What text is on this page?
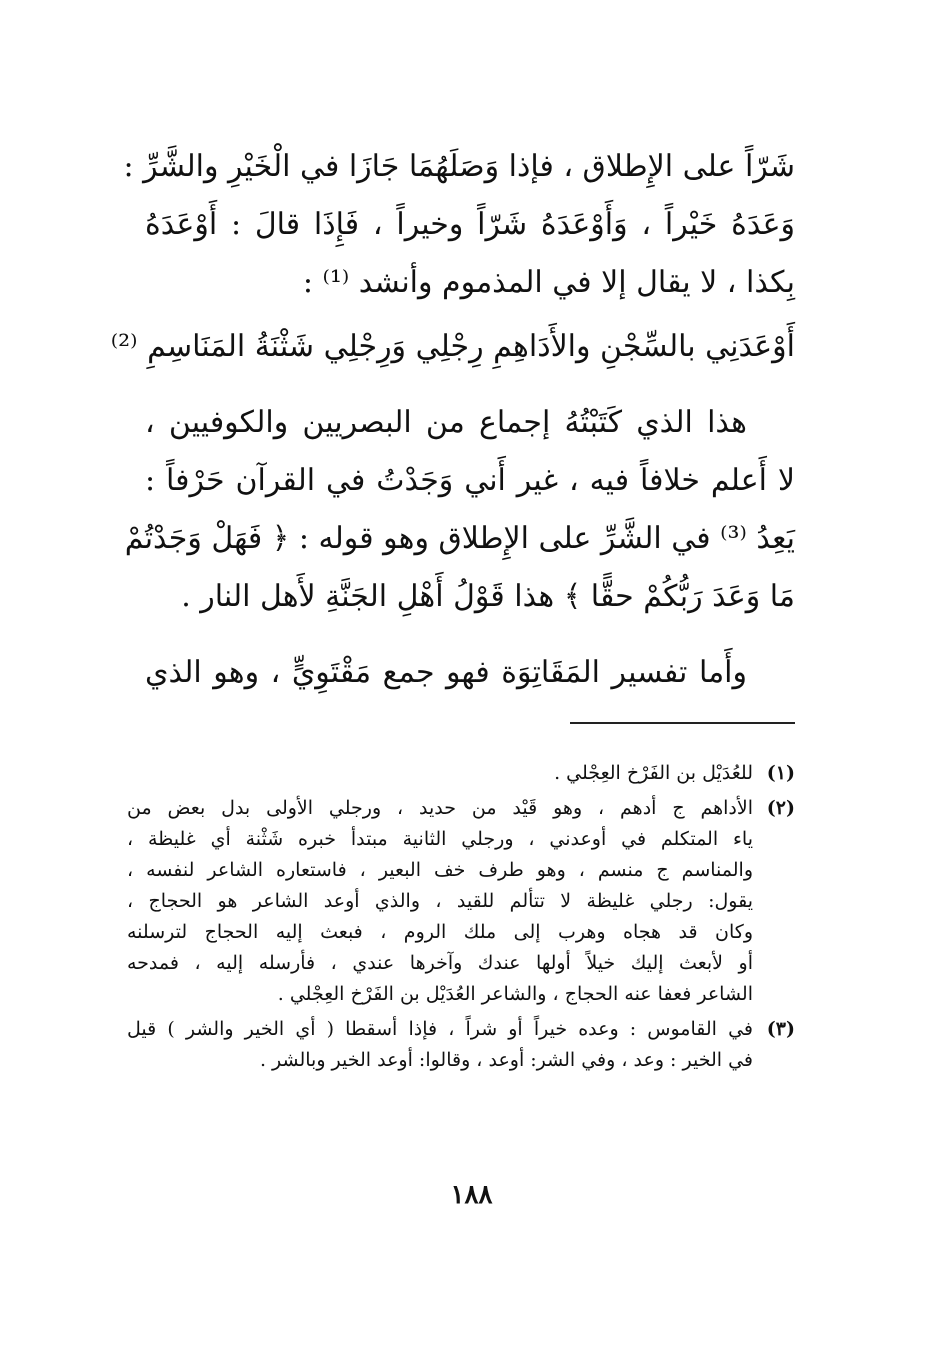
شَرّاً على الإِطلاق ، فإذا وَصَلَهُمَا جَازَا في الْخَيْرِ والشَّرِّ :
وَعَدَهُ خَيْراً ، وَأَوْعَدَهُ شَرّاً وخيراً ، فَإِذَا قالَ : أَوْعَدَهُ
بِكذا ، لا يقال إلا في المذموم وأنشد ⁽¹⁾ :
أَوْعَدَنِي بالسِّجْنِ والأَدَاهِمِ رِجْلِي وَرِجْلِي شَثْنَةُ المَنَاسِمِ ⁽²⁾
هذا الذي كَتَبْتُهُ إجماع من البصريين والكوفيين ،
لا أَعلم خلافاً فيه ، غير أَني وَجَدْتُ في القرآن حَرْفاً :
يَعِدُ ⁽³⁾ في الشَّرِّ على الإِطلاق وهو قوله : ﴿ فَهَلْ وَجَدْتُمْ
مَا وَعَدَ رَبُّكُمْ حقًّا ﴾ هذا قَوْلُ أَهْلِ الجَنَّةِ لأَهل النار .
وأَما تفسير المَقَاتِوَة فهو جمع مَقْتَوِيٍّ ، وهو الذي
(١)
للعُدَيْل بن الفَرْخ العِجْلي .
(٢)
الأداهم ج أدهم ، وهو قَيْد من حديد ، ورجلي الأولى بدل بعض من
ياء المتكلم في أوعدني ، ورجلي الثانية مبتدأ خبره شَثْنة أي غليظة ،
والمناسم ج منسم ، وهو طرف خف البعير ، فاستعاره الشاعر لنفسه ،
يقول: رجلي غليظة لا تتألم للقيد ، والذي أوعد الشاعر هو الحجاج ،
وكان قد هجاه وهرب إلى ملك الروم ، فبعث إليه الحجاج لترسلنه
أو لأبعث إليك خيلاً أولها عندك وآخرها عندي ، فأرسله إليه ، فمدحه
الشاعر فعفا عنه الحجاج ، والشاعر العُدَيْل بن الفَرْخ العِجْلي .
(٣)
في القاموس : وعده خيراً أو شراً ، فإذا أسقطا ( أي الخير والشر ) قيل
في الخير : وعد ، وفي الشر: أوعد ، وقالوا: أوعد الخير وبالشر .
١٨٨
